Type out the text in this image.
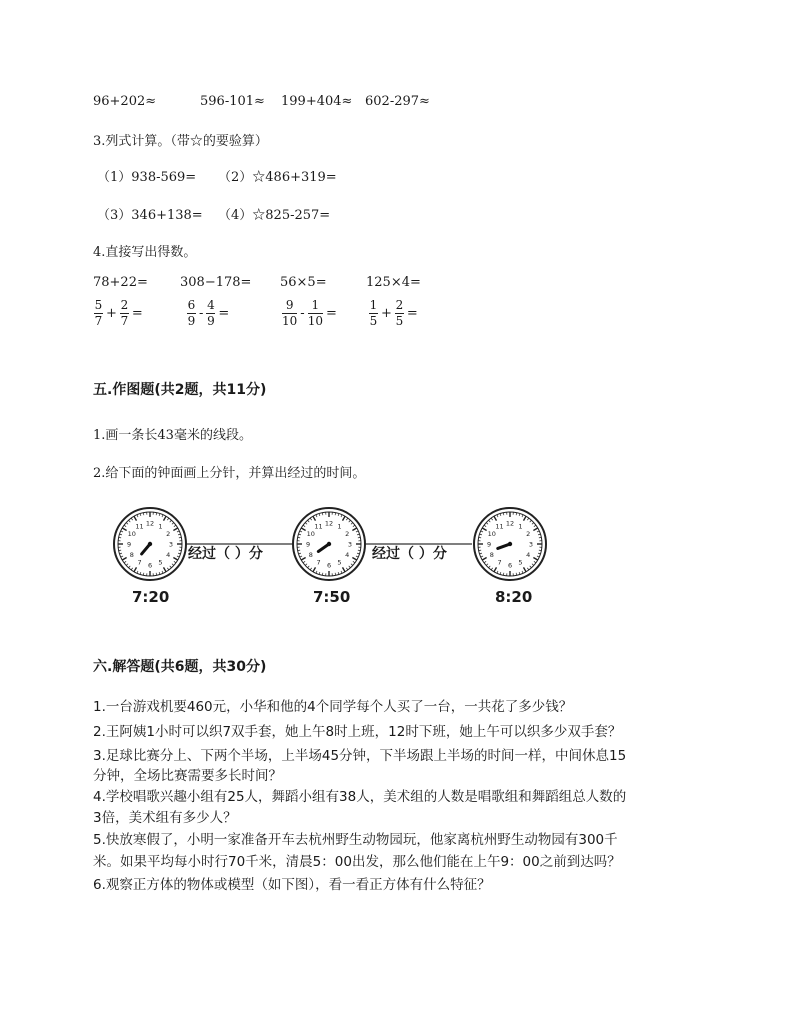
96+202≈	596-101≈ 199+404≈ 602-297≈
3.列式计算。（带☆的要验算）
（1）938-569= （2）☆486+319=
（3）346+138= （4）☆825-257=
4.直接写出得数。
78+22= 308−178= 56×5=	125×4=
5
7 +
2
7 =
6
9 -
4
9 =
9
10 -
1
10 =
1
5 +
2
5 =
五.作图题(共2题，共11分)
1.画一条长43毫米的线段。
2.给下面的钟面画上分针，并算出经过的时间。
1
2
3
4
5
6
7
8
9
10
11 12	1
2
3
4
5
6
7
8
9
10
11 12	1
2
3
4
5
6
7
8
9
10
11 12
经过（ ）分	经过（ ）分
7:20	7:50	8:20
六.解答题(共6题，共30分)
1.一台游戏机要460元，小华和他的4个同学每个人买了一台，一共花了多少钱？
2.王阿姨1小时可以织7双手套，她上午8时上班，12时下班，她上午可以织多少双手套？
3.足球比赛分上、下两个半场，上半场45分钟，下半场跟上半场的时间一样，中间休息15
分钟，全场比赛需要多长时间？
4.学校唱歌兴趣小组有25人，舞蹈小组有38人，美术组的人数是唱歌组和舞蹈组总人数的
3倍，美术组有多少人？
5.快放寒假了，小明一家准备开车去杭州野生动物园玩，他家离杭州野生动物园有300千
米。如果平均每小时行70千米，清晨5：00出发，那么他们能在上午9：00之前到达吗？
6.观察正方体的物体或模型（如下图），看一看正方体有什么特征？
